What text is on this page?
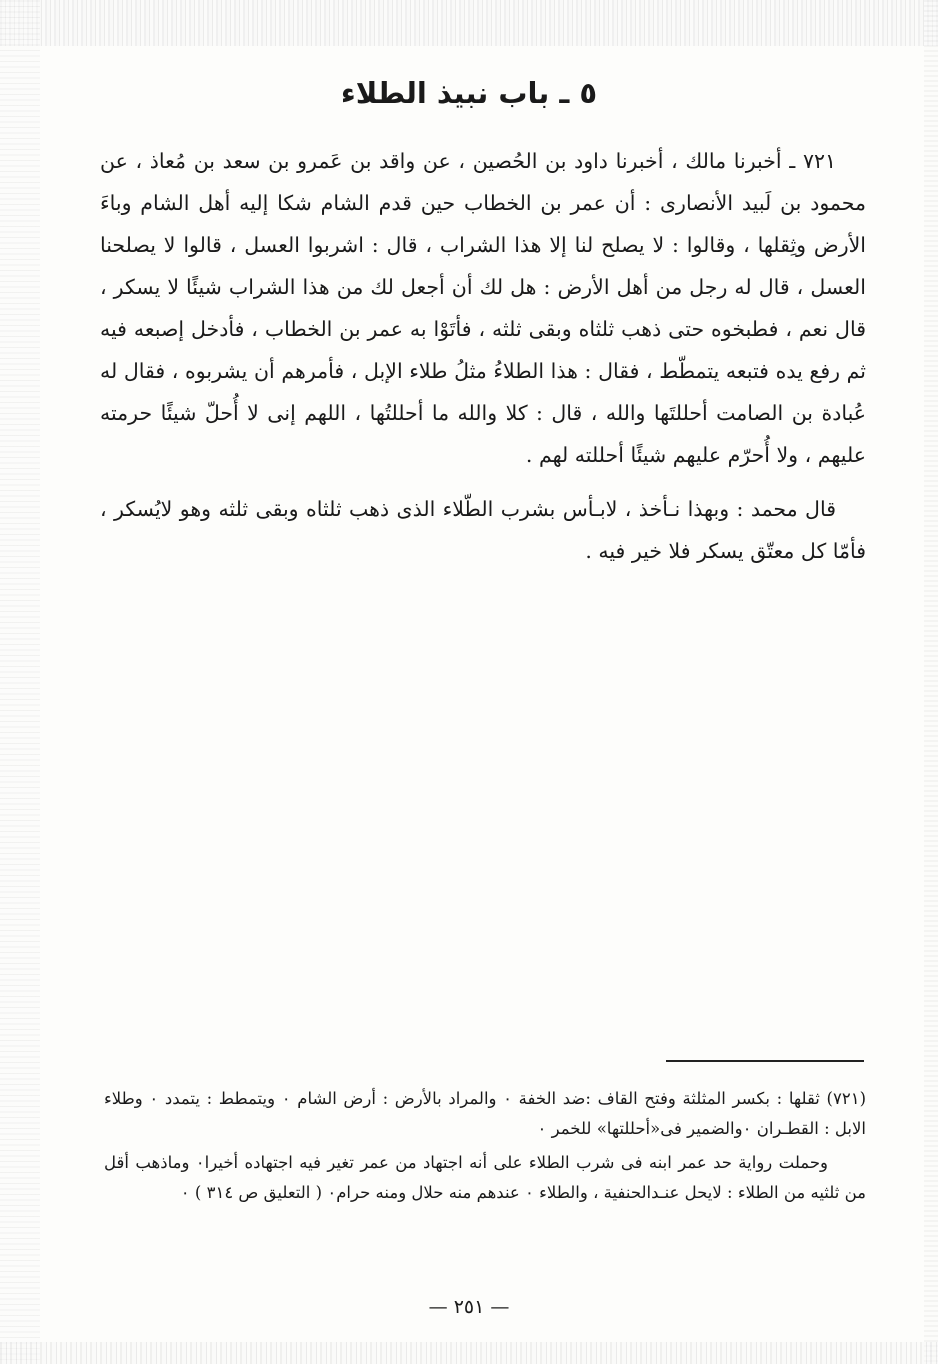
٥ ـ باب نبيذ الطلاء

٧٢١ ـ أخبرنا مالك ، أخبرنا داود بن الحُصين ، عن واقد بن عَمرو بن سعد بن مُعاذ ، عن محمود بن لَبيد الأنصارى : أن عمر بن الخطاب حين قدم الشام شكا إليه أهل الشام وباءَ الأرض وثِقلها ، وقالوا : لا يصلح لنا إلا هذا الشراب ، قال : اشربوا العسل ، قالوا لا يصلحنا العسل ، قال له رجل من أهل الأرض : هل لك أن أجعل لك من هذا الشراب شيئًا لا يسكر ، قال نعم ، فطبخوه حتى ذهب ثلثاه وبقى ثلثه ، فأتَوْا به عمر بن الخطاب ، فأدخل إصبعه فيه ثم رفع يده فتبعه يتمطّط ، فقال : هذا الطلاءُ مثلُ طلاء الإبل ، فأمرهم أن يشربوه ، فقال له عُبادة بن الصامت أحللتَها والله ، قال : كلا والله ما أحللتُها ، اللهم إنى لا أُحلّ شيئًا حرمته عليهم ، ولا أُحرّم عليهم شيئًا أحللته لهم .

قال محمد : وبهذا نـأخذ ، لابـأس بشرب الطّلاء الذى ذهب ثلثاه وبقى ثلثه وهو لايُسكر ، فأمّا كل معتّق يسكر فلا خير فيه .

(٧٢١) ثقلها : بكسر المثلثة وفتح القاف :ضد الخفة ٠ والمراد بالأرض : أرض الشام ٠ ويتمطط : يتمدد ٠ وطلاء الابل : القطـران ٠والضمير فى«أحللتها» للخمر ٠

وحملت رواية حد عمر ابنه فى شرب الطلاء على أنه اجتهاد من عمر تغير فيه اجتهاده أخيرا٠ وماذهب أقل من ثلثيه من الطلاء : لايحل عنـدالحنفية ، والطلاء ٠ عندهم منه حلال ومنه حرام٠ ( التعليق ص ٣١٤ ) ٠

— ٢٥١ —
